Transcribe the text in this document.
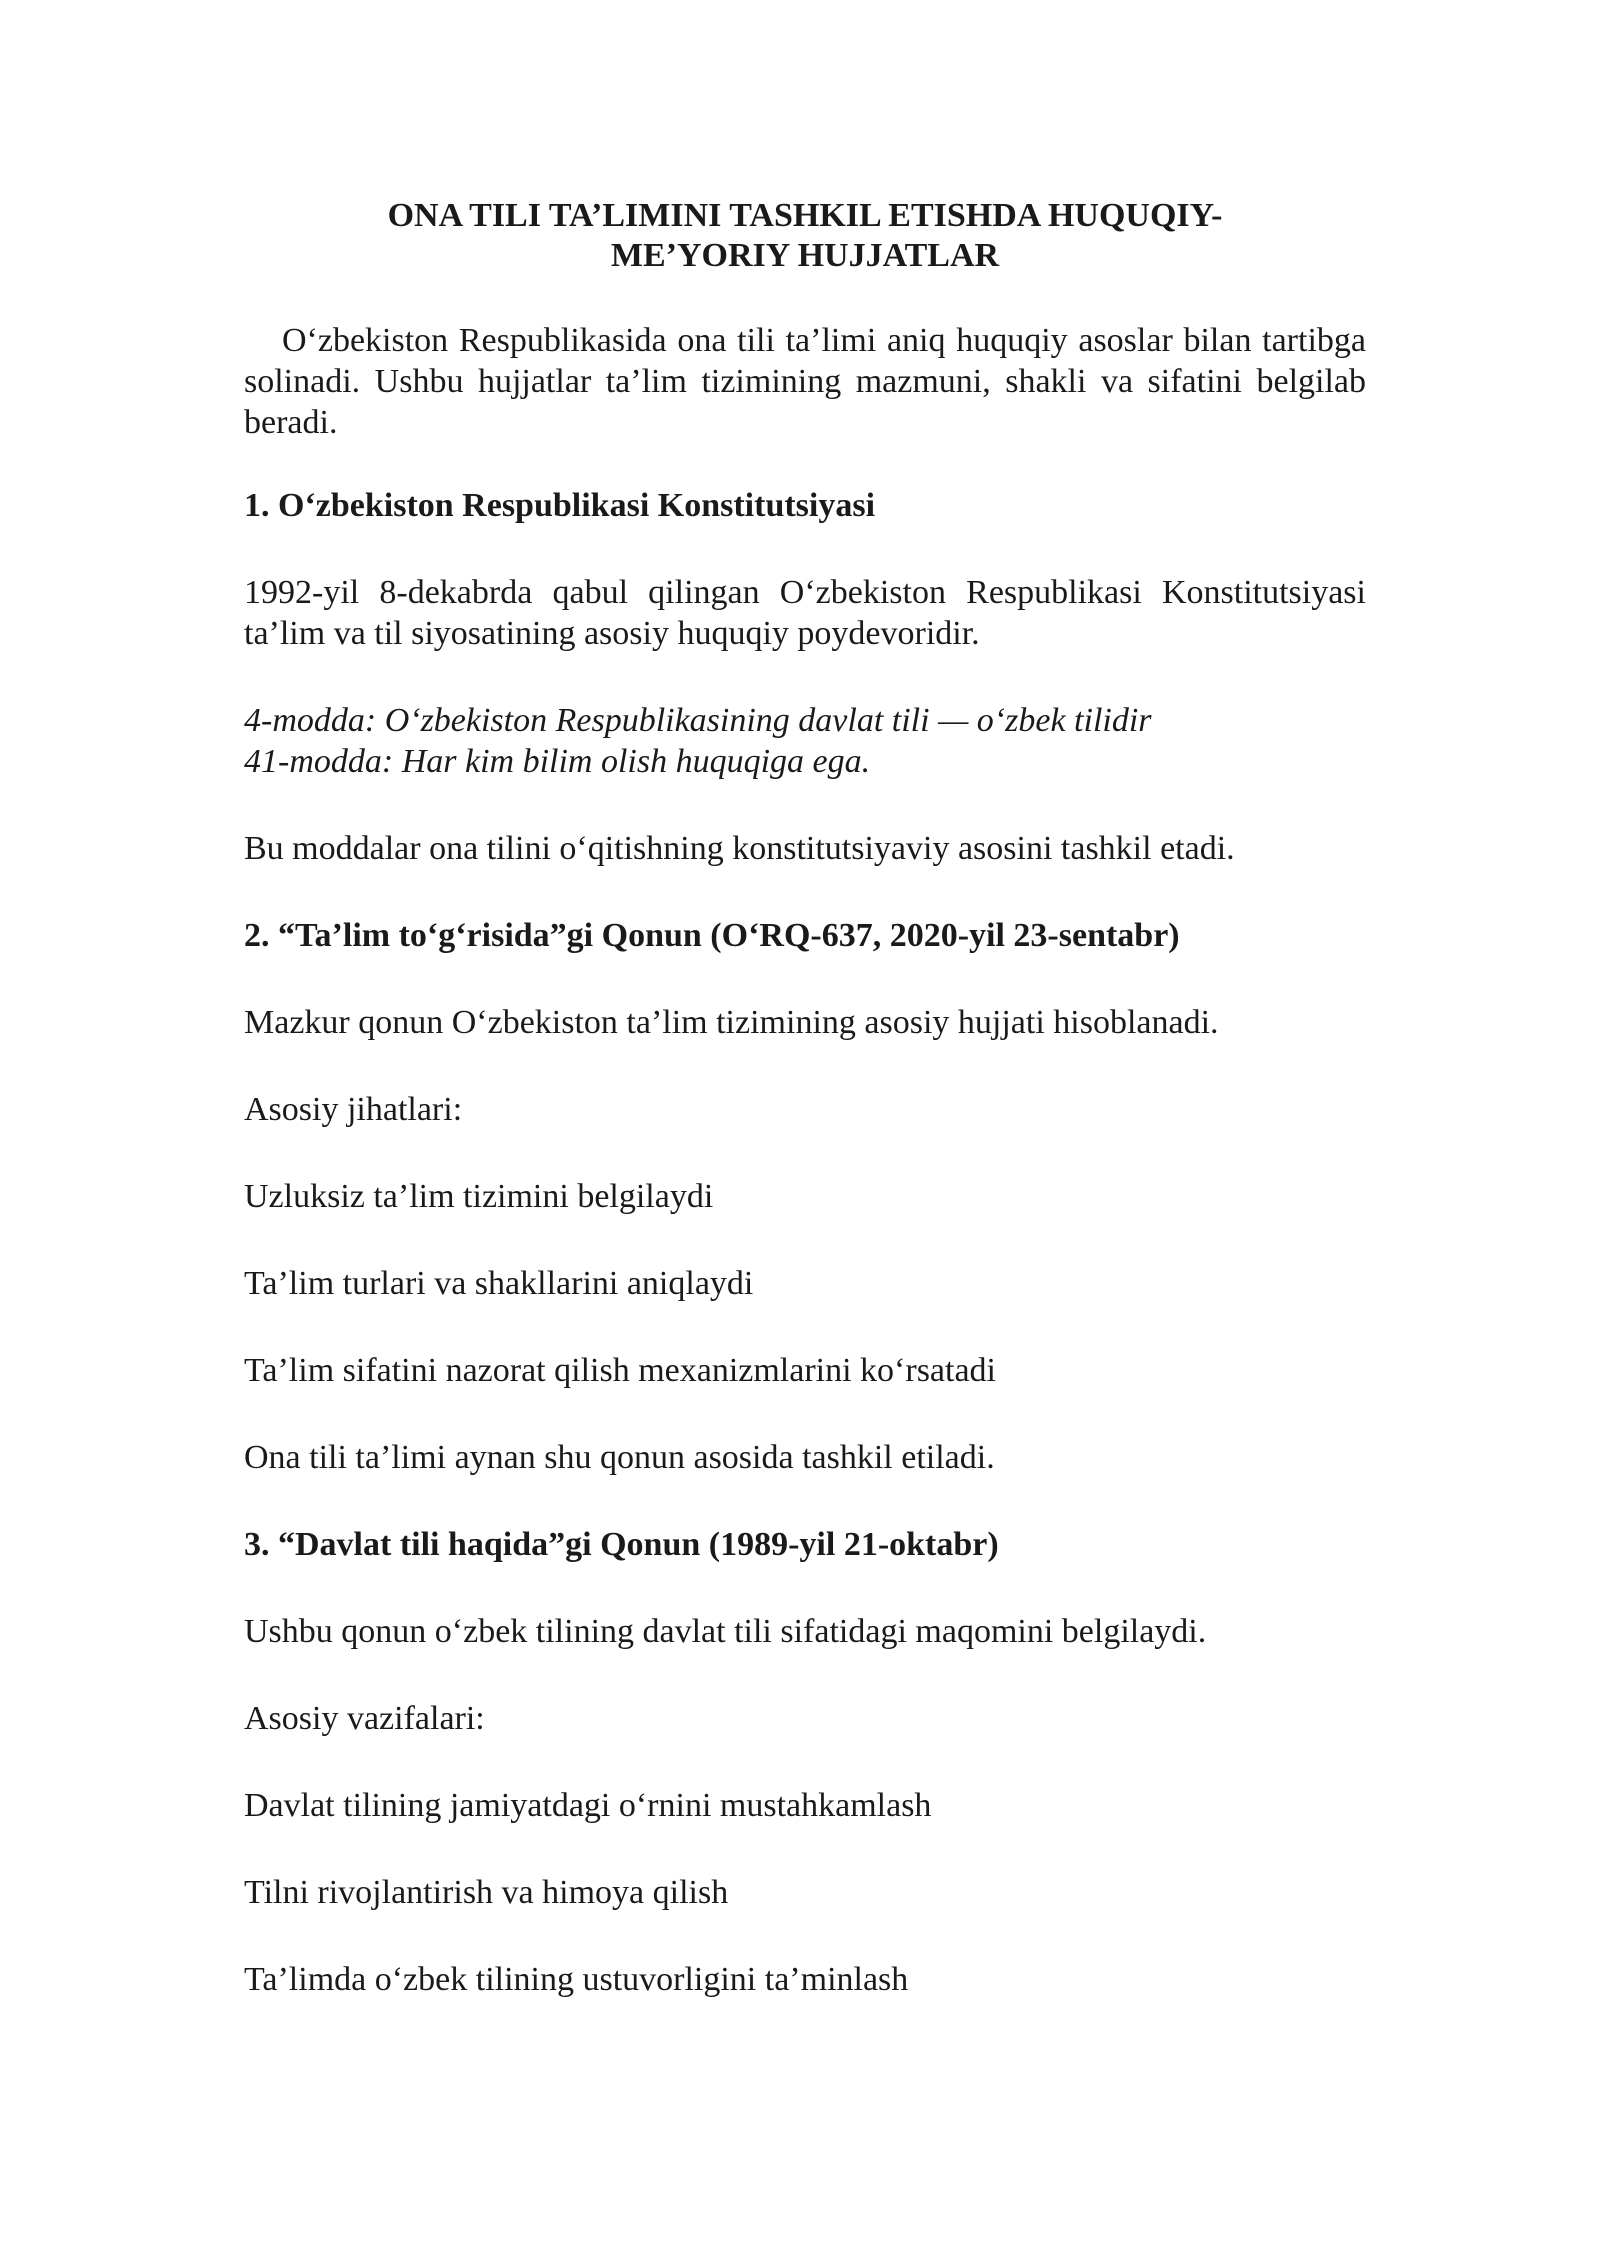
ONA TILI TA’LIMINI TASHKIL ETISHDA HUQUQIY-
ME’YORIY HUJJATLAR

O‘zbekiston Respublikasida ona tili ta’limi aniq huquqiy asoslar bilan tartibga solinadi. Ushbu hujjatlar ta’lim tizimining mazmuni, shakli va sifatini belgilab beradi.

1. O‘zbekiston Respublikasi Konstitutsiyasi

1992-yil 8-dekabrda qabul qilingan O‘zbekiston Respublikasi Konstitutsiyasi ta’lim va til siyosatining asosiy huquqiy poydevoridir.

4-modda: O‘zbekiston Respublikasining davlat tili — o‘zbek tilidir

41-modda: Har kim bilim olish huquqiga ega.

Bu moddalar ona tilini o‘qitishning konstitutsiyaviy asosini tashkil etadi.

2. “Ta’lim to‘g‘risida”gi Qonun (O‘RQ-637, 2020-yil 23-sentabr)

Mazkur qonun O‘zbekiston ta’lim tizimining asosiy hujjati hisoblanadi.

Asosiy jihatlari:

Uzluksiz ta’lim tizimini belgilaydi

Ta’lim turlari va shakllarini aniqlaydi

Ta’lim sifatini nazorat qilish mexanizmlarini ko‘rsatadi

Ona tili ta’limi aynan shu qonun asosida tashkil etiladi.

3. “Davlat tili haqida”gi Qonun (1989-yil 21-oktabr)

Ushbu qonun o‘zbek tilining davlat tili sifatidagi maqomini belgilaydi.

Asosiy vazifalari:

Davlat tilining jamiyatdagi o‘rnini mustahkamlash

Tilni rivojlantirish va himoya qilish

Ta’limda o‘zbek tilining ustuvorligini ta’minlash
